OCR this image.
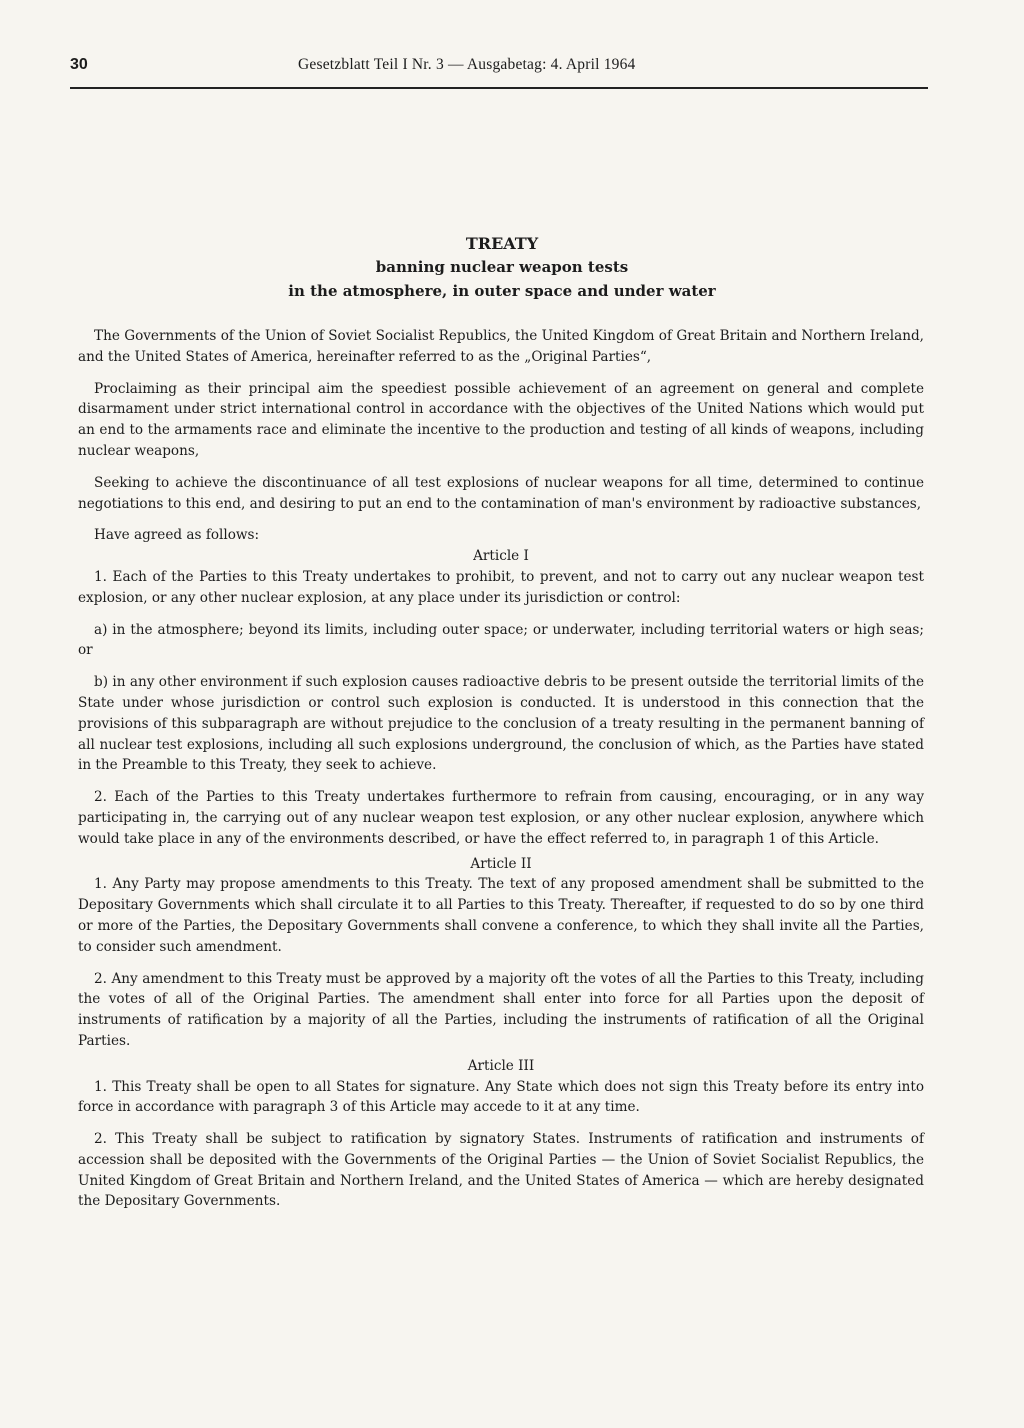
30	Gesetzblatt Teil I Nr. 3 — Ausgabetag: 4. April 1964
TREATY
banning nuclear weapon tests
in the atmosphere, in outer space and under water

The Governments of the Union of Soviet Socialist Republics, the United Kingdom of Great Britain and Northern Ireland, and the United States of America, hereinafter referred to as the „Original Parties“,

Proclaiming as their principal aim the speediest possible achievement of an agreement on general and complete disarmament under strict international control in accordance with the objectives of the United Nations which would put an end to the armaments race and eliminate the incentive to the production and testing of all kinds of weapons, including nuclear weapons,

Seeking to achieve the discontinuance of all test explosions of nuclear weapons for all time, determined to continue negotiations to this end, and desiring to put an end to the contamination of man's environment by radioactive substances,

Have agreed as follows:

Article I

1. Each of the Parties to this Treaty undertakes to prohibit, to prevent, and not to carry out any nuclear weapon test explosion, or any other nuclear explosion, at any place under its jurisdiction or control:

a) in the atmosphere; beyond its limits, including outer space; or underwater, including territorial waters or high seas; or

b) in any other environment if such explosion causes radioactive debris to be present outside the territorial limits of the State under whose jurisdiction or control such explosion is conducted. It is understood in this connection that the provisions of this subparagraph are without prejudice to the conclusion of a treaty resulting in the permanent banning of all nuclear test explosions, including all such explosions underground, the conclusion of which, as the Parties have stated in the Preamble to this Treaty, they seek to achieve.

2. Each of the Parties to this Treaty undertakes furthermore to refrain from causing, encouraging, or in any way participating in, the carrying out of any nuclear weapon test explosion, or any other nuclear explosion, anywhere which would take place in any of the environments described, or have the effect referred to, in paragraph 1 of this Article.

Article II

1. Any Party may propose amendments to this Treaty. The text of any proposed amendment shall be submitted to the Depositary Governments which shall circulate it to all Parties to this Treaty. Thereafter, if requested to do so by one third or more of the Parties, the Depositary Governments shall convene a conference, to which they shall invite all the Parties, to consider such amendment.

2. Any amendment to this Treaty must be approved by a majority oft the votes of all the Parties to this Treaty, including the votes of all of the Original Parties. The amendment shall enter into force for all Parties upon the deposit of instruments of ratification by a majority of all the Parties, including the instruments of ratification of all the Original Parties.

Article III

1. This Treaty shall be open to all States for signature. Any State which does not sign this Treaty before its entry into force in accordance with paragraph 3 of this Article may accede to it at any time.

2. This Treaty shall be subject to ratification by signatory States. Instruments of ratification and instruments of accession shall be deposited with the Governments of the Original Parties — the Union of Soviet Socialist Republics, the United Kingdom of Great Britain and Northern Ireland, and the United States of America — which are hereby designated the Depositary Governments.
